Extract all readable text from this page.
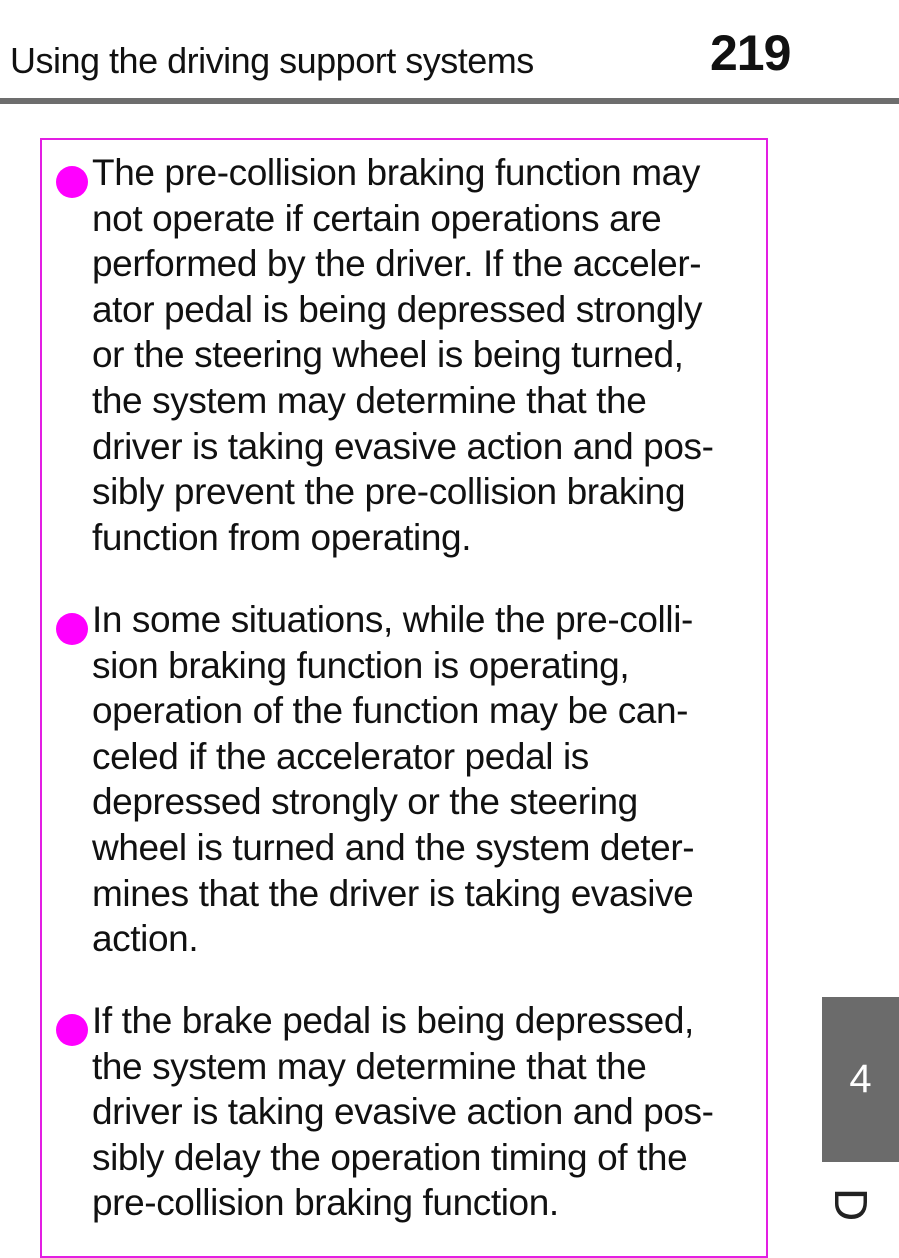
Using the driving support systems	219
The pre-collision braking function may
not operate if certain operations are
performed by the driver. If the acceler-
ator pedal is being depressed strongly
or the steering wheel is being turned,
the system may determine that the
driver is taking evasive action and pos-
sibly prevent the pre-collision braking
function from operating.
In some situations, while the pre-colli-
sion braking function is operating,
operation of the function may be can-
celed if the accelerator pedal is
depressed strongly or the steering
wheel is turned and the system deter-
mines that the driver is taking evasive
action.
If the brake pedal is being depressed,
the system may determine that the
driver is taking evasive action and pos-
sibly delay the operation timing of the
pre-collision braking function.
4
D
